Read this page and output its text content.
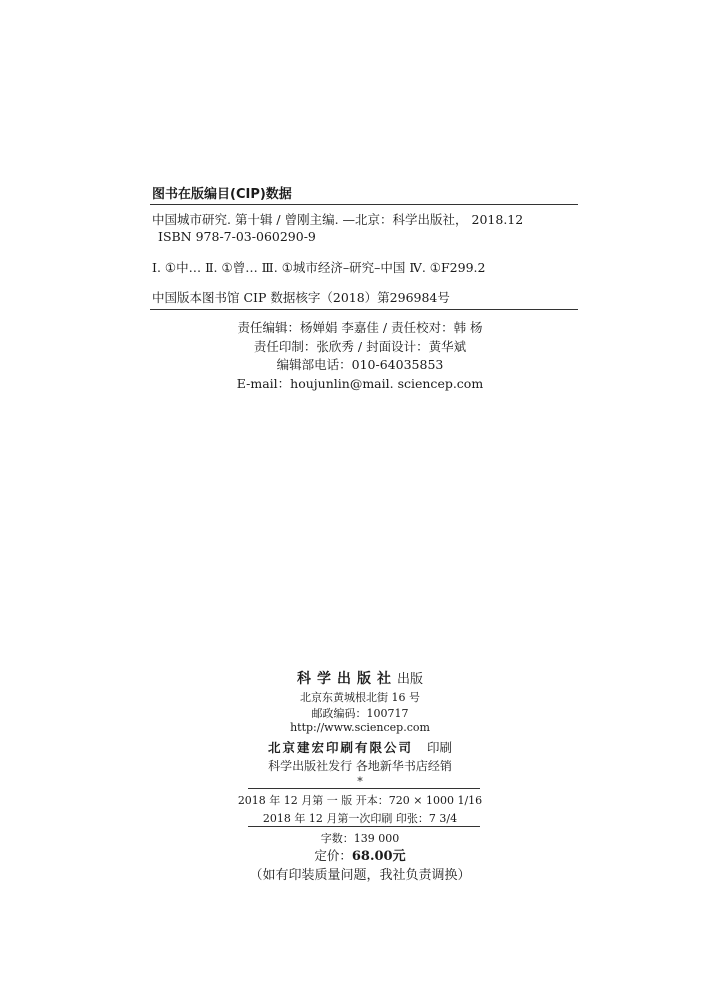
图书在版编目(CIP)数据
中国城市研究. 第十辑 / 曾刚主编. —北京：科学出版社， 2018.12
ISBN 978-7-03-060290-9
Ⅰ. ①中… Ⅱ. ①曾… Ⅲ. ①城市经济–研究–中国 Ⅳ. ①F299.2
中国版本图书馆 CIP 数据核字（2018）第296984号
责任编辑：杨婵娟 李嘉佳 / 责任校对：韩 杨
责任印制：张欣秀 / 封面设计：黄华斌
编辑部电话：010-64035853
E-mail：houjunlin@mail. sciencep.com
科学出版社出版
北京东黄城根北街 16 号
邮政编码：100717
http://www.sciencep.com
北京建宏印刷有限公司 印刷
科学出版社发行 各地新华书店经销
*
2018 年 12 月第 一 版 开本：720 × 1000 1/16
2018 年 12 月第一次印刷 印张：7 3/4
字数：139 000
定价：68.00元
（如有印装质量问题，我社负责调换）
